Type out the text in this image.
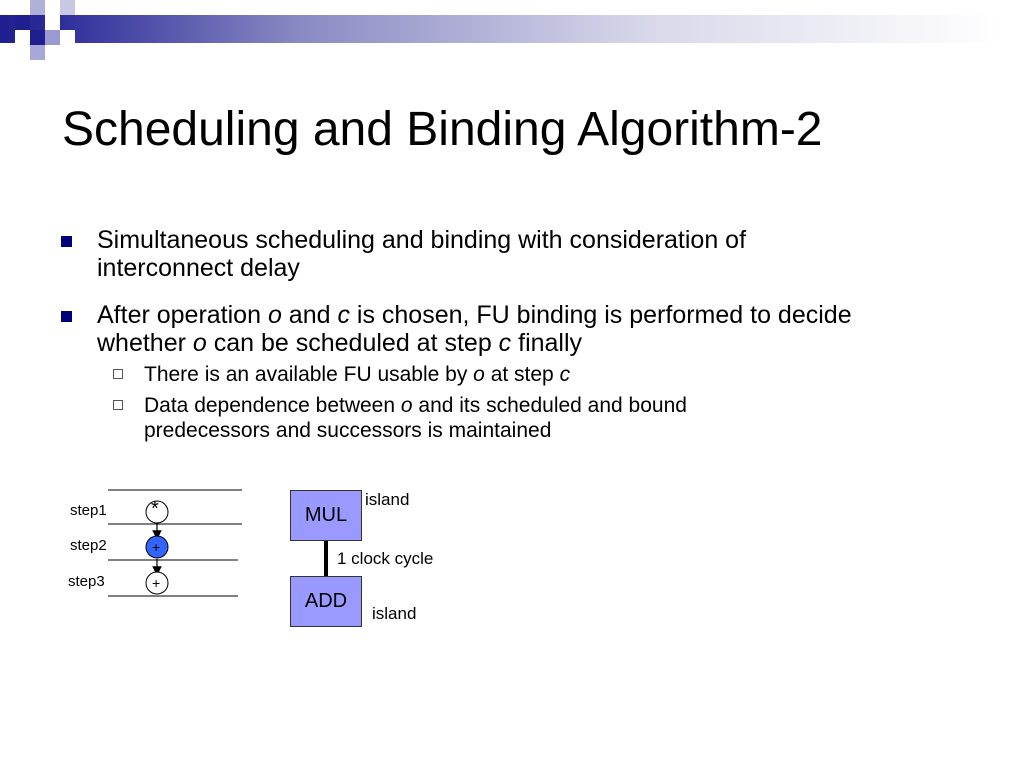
Scheduling and Binding Algorithm-2
Simultaneous scheduling and binding with consideration of
interconnect delay
After operation o and c is chosen, FU binding is performed to decide
whether o can be scheduled at step c finally
There is an available FU usable by o at step c
Data dependence between o and its scheduled and bound
predecessors and successors is maintained
*
+
+
step1
step2
step3
MUL
ADD
island
1 clock cycle
island
